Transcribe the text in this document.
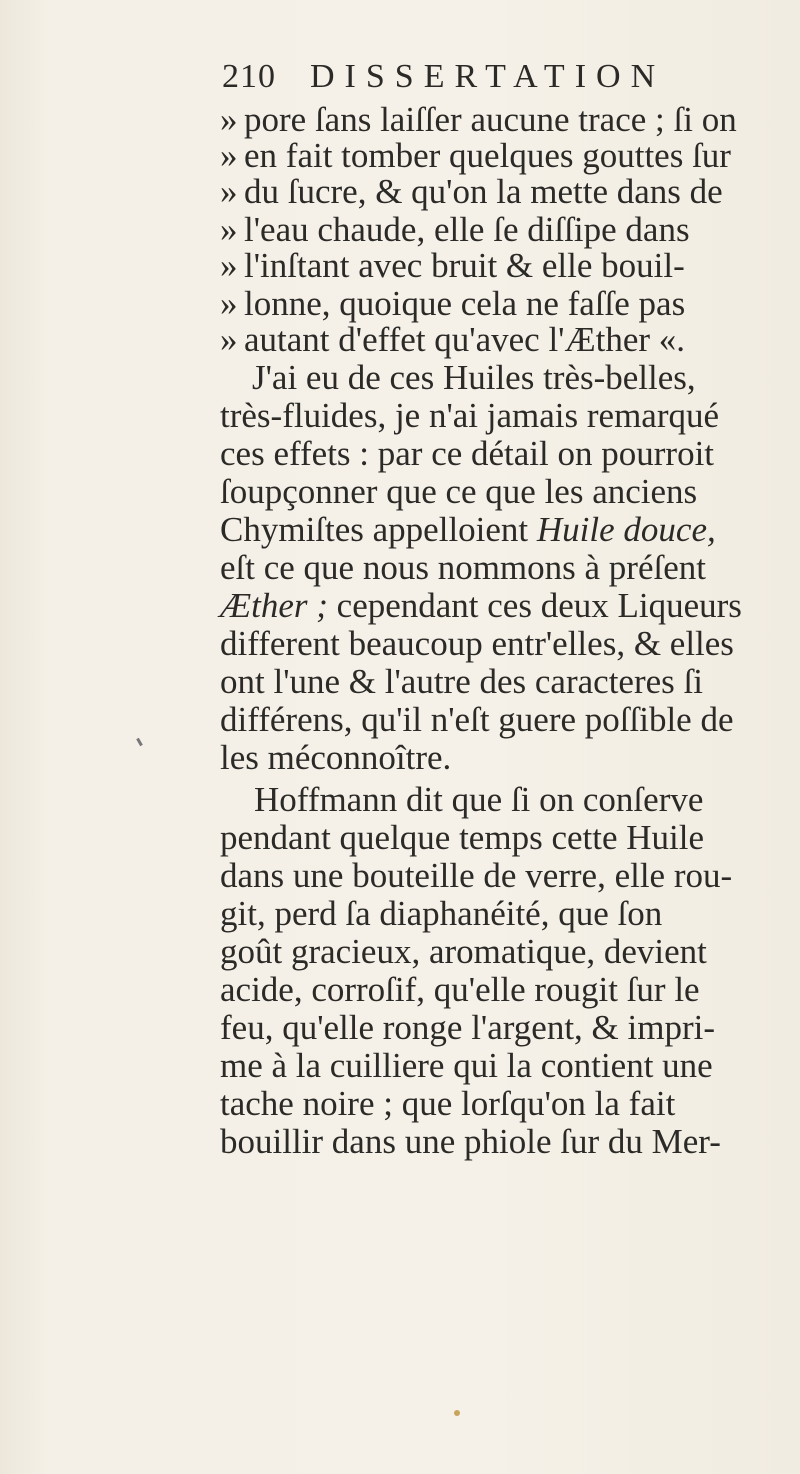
210 DISSERTATION
» pore ſans laiſſer aucune trace ; ſi on
» en fait tomber quelques gouttes ſur
» du ſucre, & qu'on la mette dans de
» l'eau chaude, elle ſe diſſipe dans
» l'inſtant avec bruit & elle bouil-
» lonne, quoique cela ne faſſe pas
» autant d'effet qu'avec l'Æther «.
J'ai eu de ces Huiles très-belles,
très-fluides, je n'ai jamais remarqué
ces effets : par ce détail on pourroit
ſoupçonner que ce que les anciens
Chymiſtes appelloient Huile douce,
eſt ce que nous nommons à préſent
Æther ; cependant ces deux Liqueurs
different beaucoup entr'elles, & elles
ont l'une & l'autre des caracteres ſi
différens, qu'il n'eſt guere poſſible de
les méconnoître.
Hoffmann dit que ſi on conſerve
pendant quelque temps cette Huile
dans une bouteille de verre, elle rou-
git, perd ſa diaphanéité, que ſon
goût gracieux, aromatique, devient
acide, corroſif, qu'elle rougit ſur le
feu, qu'elle ronge l'argent, & impri-
me à la cuilliere qui la contient une
tache noire ; que lorſqu'on la fait
bouillir dans une phiole ſur du Mer-
